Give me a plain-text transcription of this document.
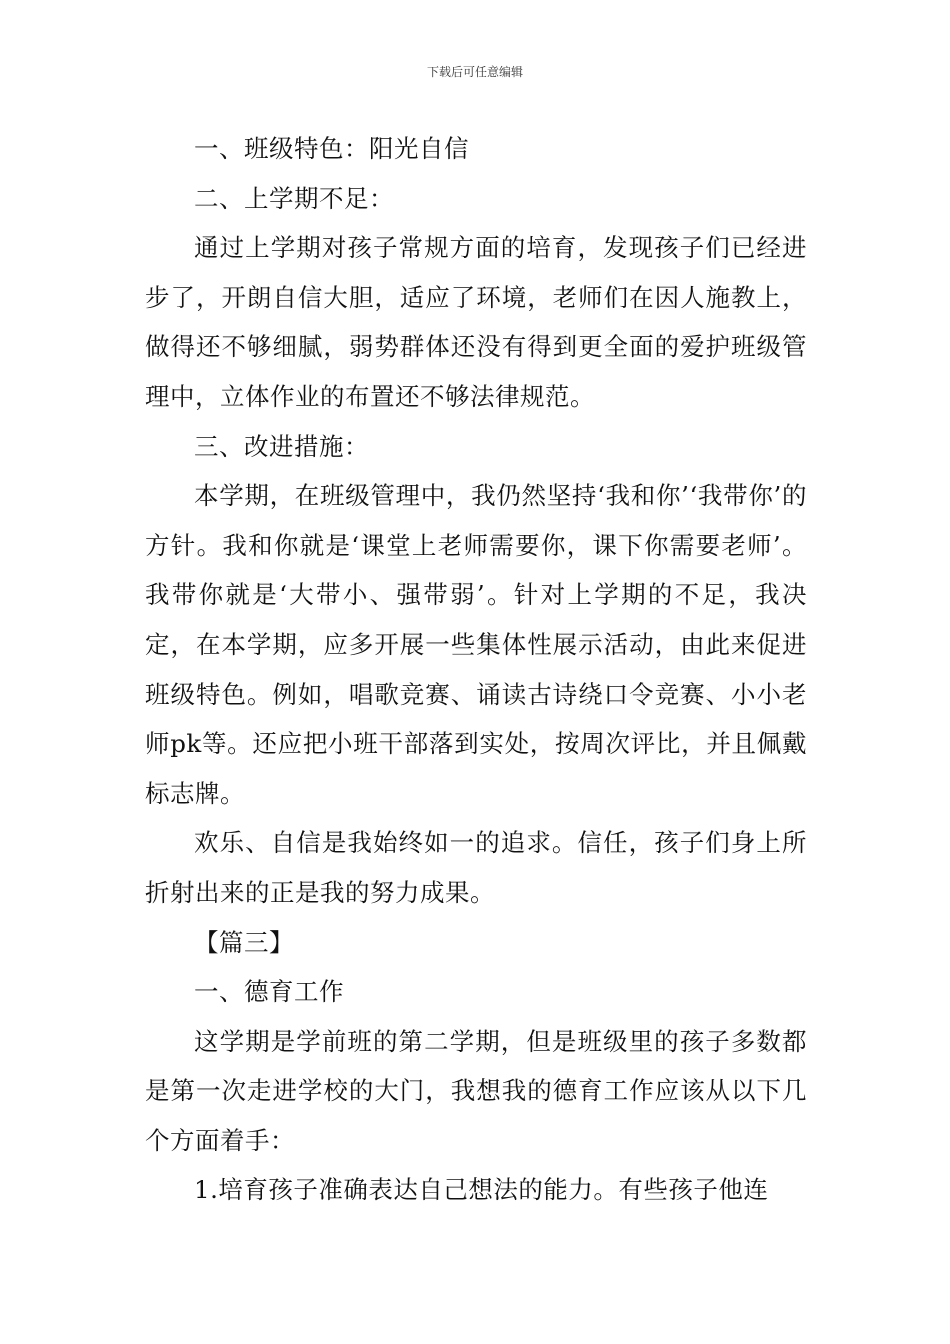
下载后可任意编辑

一、班级特色：阳光自信

二、上学期不足：

通过上学期对孩子常规方面的培育，发现孩子们已经进步了，开朗自信大胆，适应了环境，老师们在因人施教上，做得还不够细腻，弱势群体还没有得到更全面的爱护班级管理中，立体作业的布置还不够法律规范。

三、改进措施：

本学期，在班级管理中，我仍然坚持‘我和你’‘我带你’的方针。我和你就是‘课堂上老师需要你，课下你需要老师’。我带你就是‘大带小、强带弱’。针对上学期的不足，我决定，在本学期，应多开展一些集体性展示活动，由此来促进班级特色。例如，唱歌竞赛、诵读古诗绕口令竞赛、小小老师pk等。还应把小班干部落到实处，按周次评比，并且佩戴标志牌。

欢乐、自信是我始终如一的追求。信任，孩子们身上所折射出来的正是我的努力成果。

【篇三】

一、德育工作

这学期是学前班的第二学期，但是班级里的孩子多数都是第一次走进学校的大门，我想我的德育工作应该从以下几个方面着手：

1.培育孩子准确表达自己想法的能力。有些孩子他连
